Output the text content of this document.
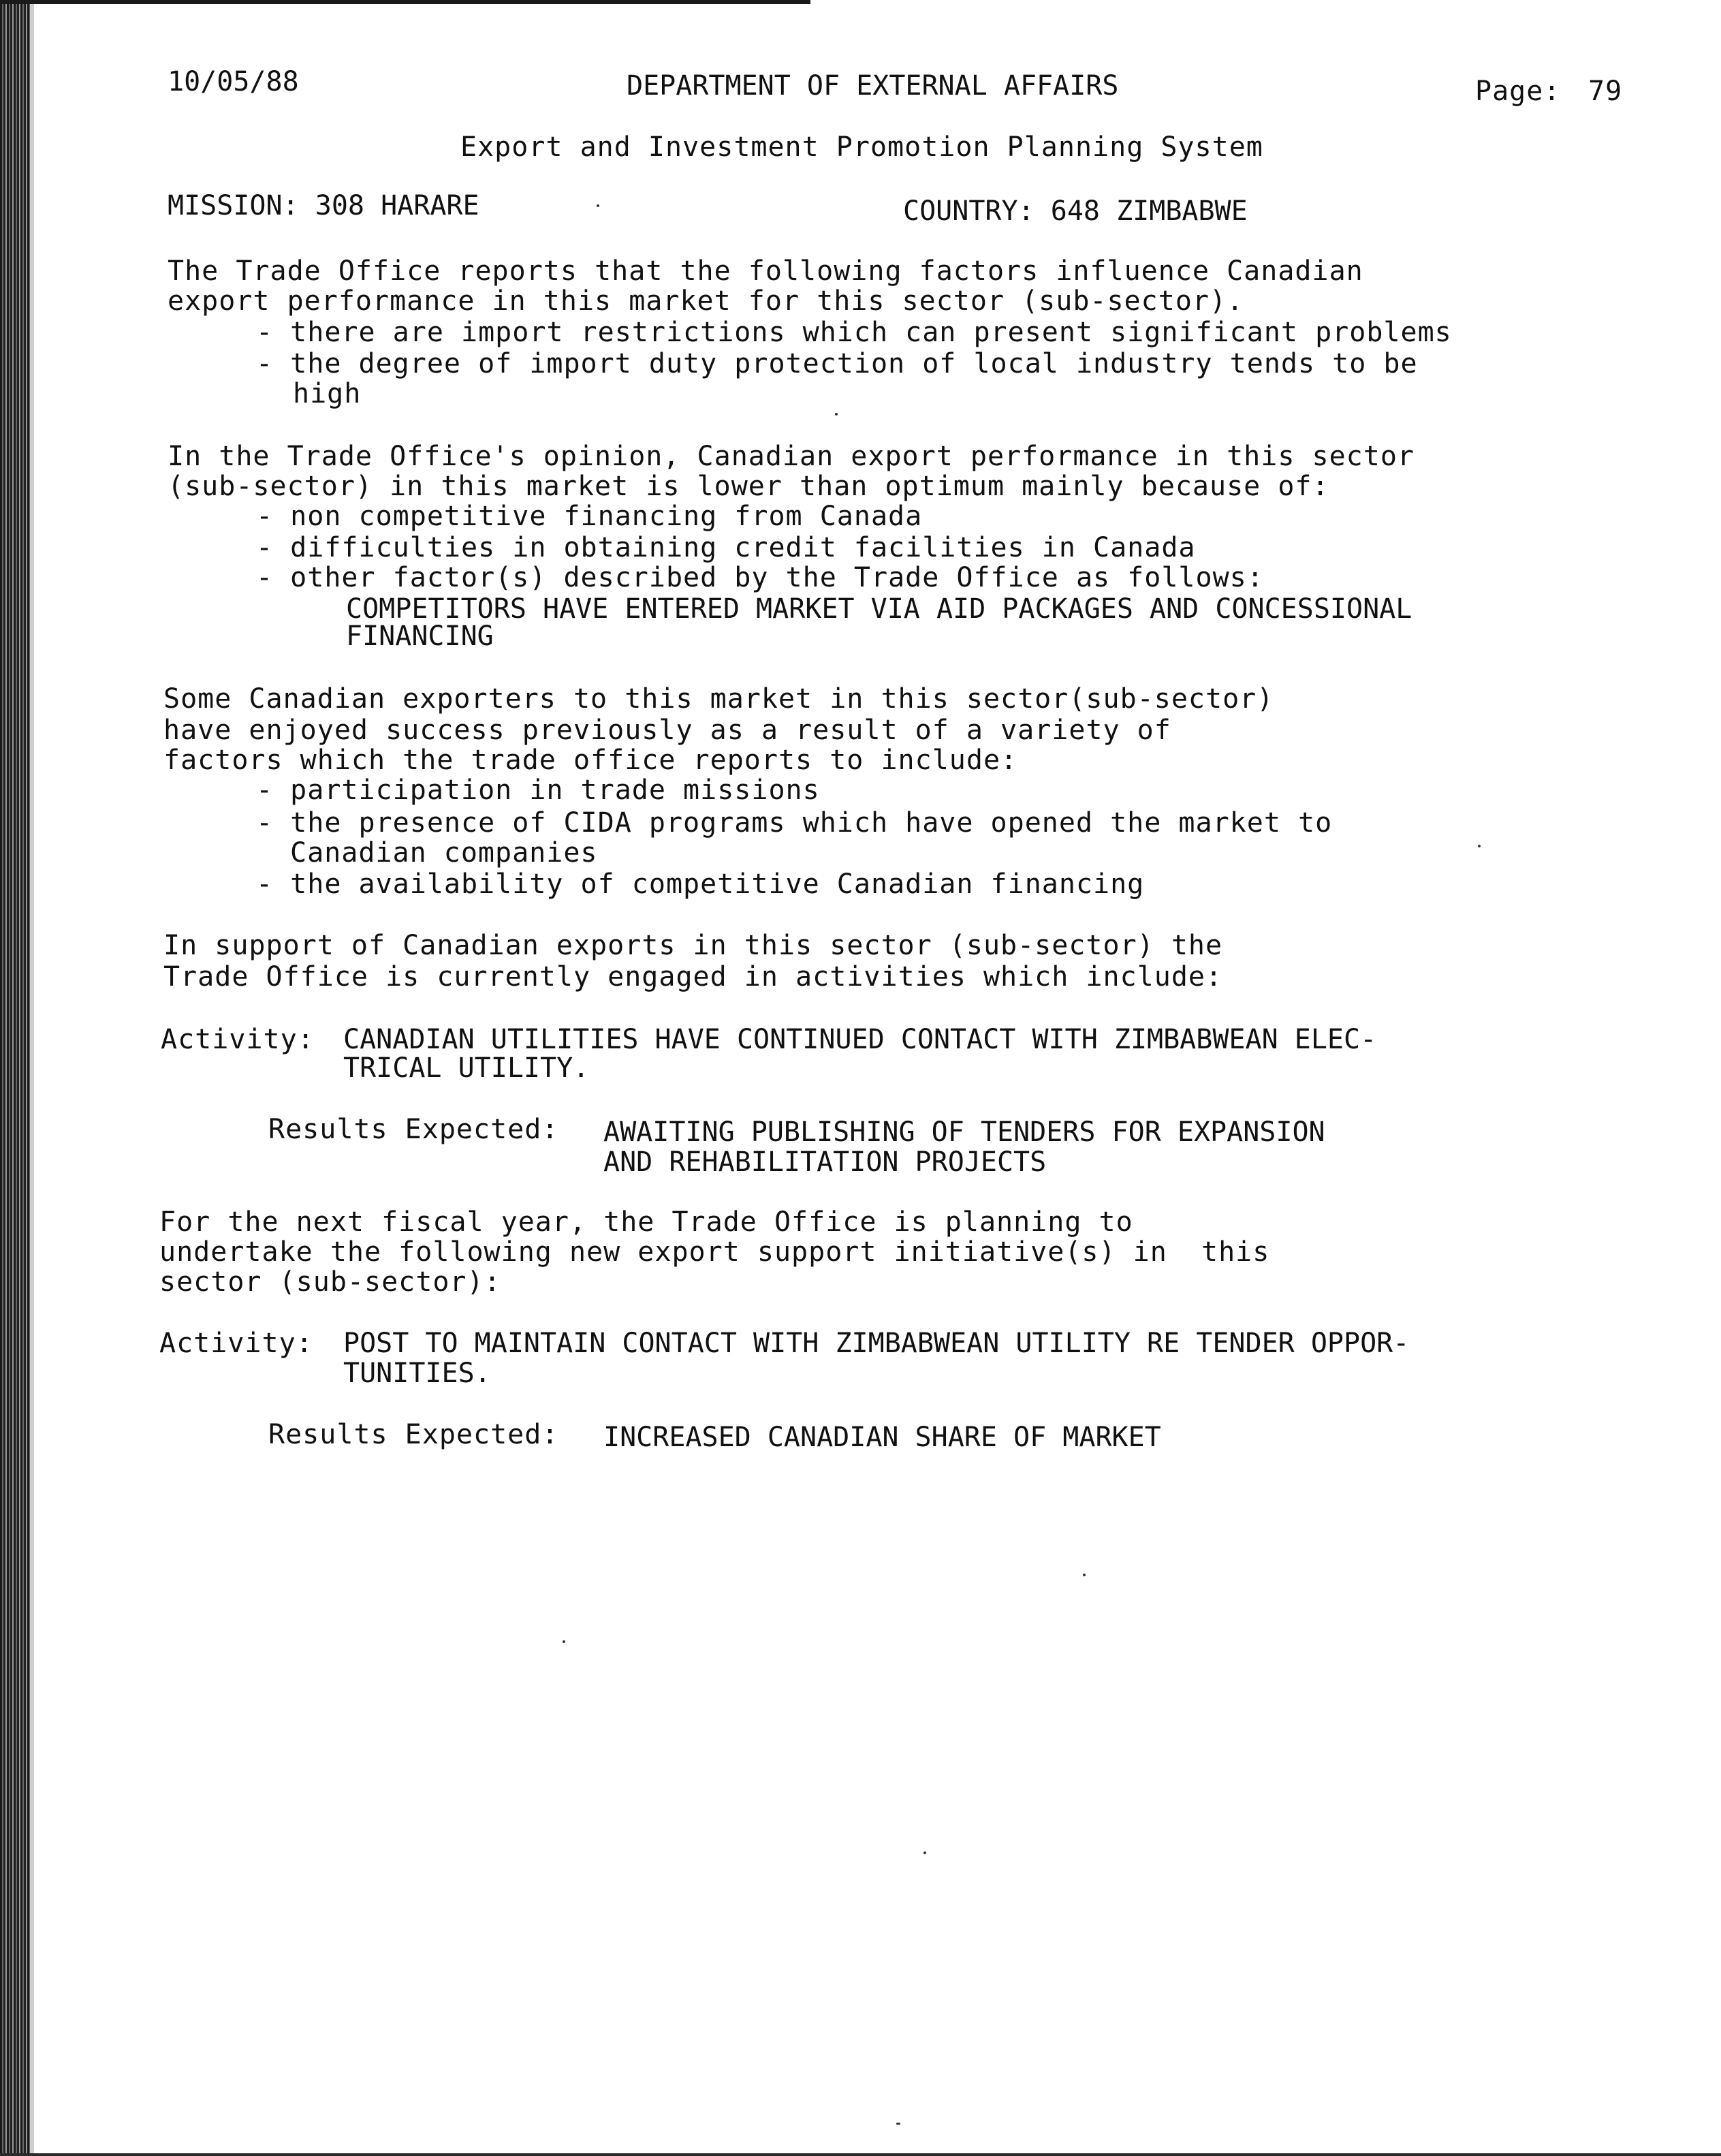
10/05/88	DEPARTMENT OF EXTERNAL AFFAIRS	Page: 79
Export and Investment Promotion Planning System
MISSION: 308 HARARE	COUNTRY: 648 ZIMBABWE
The Trade Office reports that the following factors influence Canadian
export performance in this market for this sector (sub-sector).
- there are import restrictions which can present significant problems
- the degree of import duty protection of local industry tends to be
high
In the Trade Office's opinion, Canadian export performance in this sector
(sub-sector) in this market is lower than optimum mainly because of:
- non competitive financing from Canada
- difficulties in obtaining credit facilities in Canada
- other factor(s) described by the Trade Office as follows:
COMPETITORS HAVE ENTERED MARKET VIA AID PACKAGES AND CONCESSIONAL
FINANCING
Some Canadian exporters to this market in this sector(sub-sector)
have enjoyed success previously as a result of a variety of
factors which the trade office reports to include:
- participation in trade missions
- the presence of CIDA programs which have opened the market to
Canadian companies
- the availability of competitive Canadian financing
In support of Canadian exports in this sector (sub-sector) the
Trade Office is currently engaged in activities which include:
Activity: CANADIAN UTILITIES HAVE CONTINUED CONTACT WITH ZIMBABWEAN ELEC-
TRICAL UTILITY.
Results Expected: AWAITING PUBLISHING OF TENDERS FOR EXPANSION
AND REHABILITATION PROJECTS
For the next fiscal year, the Trade Office is planning to
undertake the following new export support initiative(s) in  this
sector (sub-sector):
Activity: POST TO MAINTAIN CONTACT WITH ZIMBABWEAN UTILITY RE TENDER OPPOR-
TUNITIES.
Results Expected: INCREASED CANADIAN SHARE OF MARKET
